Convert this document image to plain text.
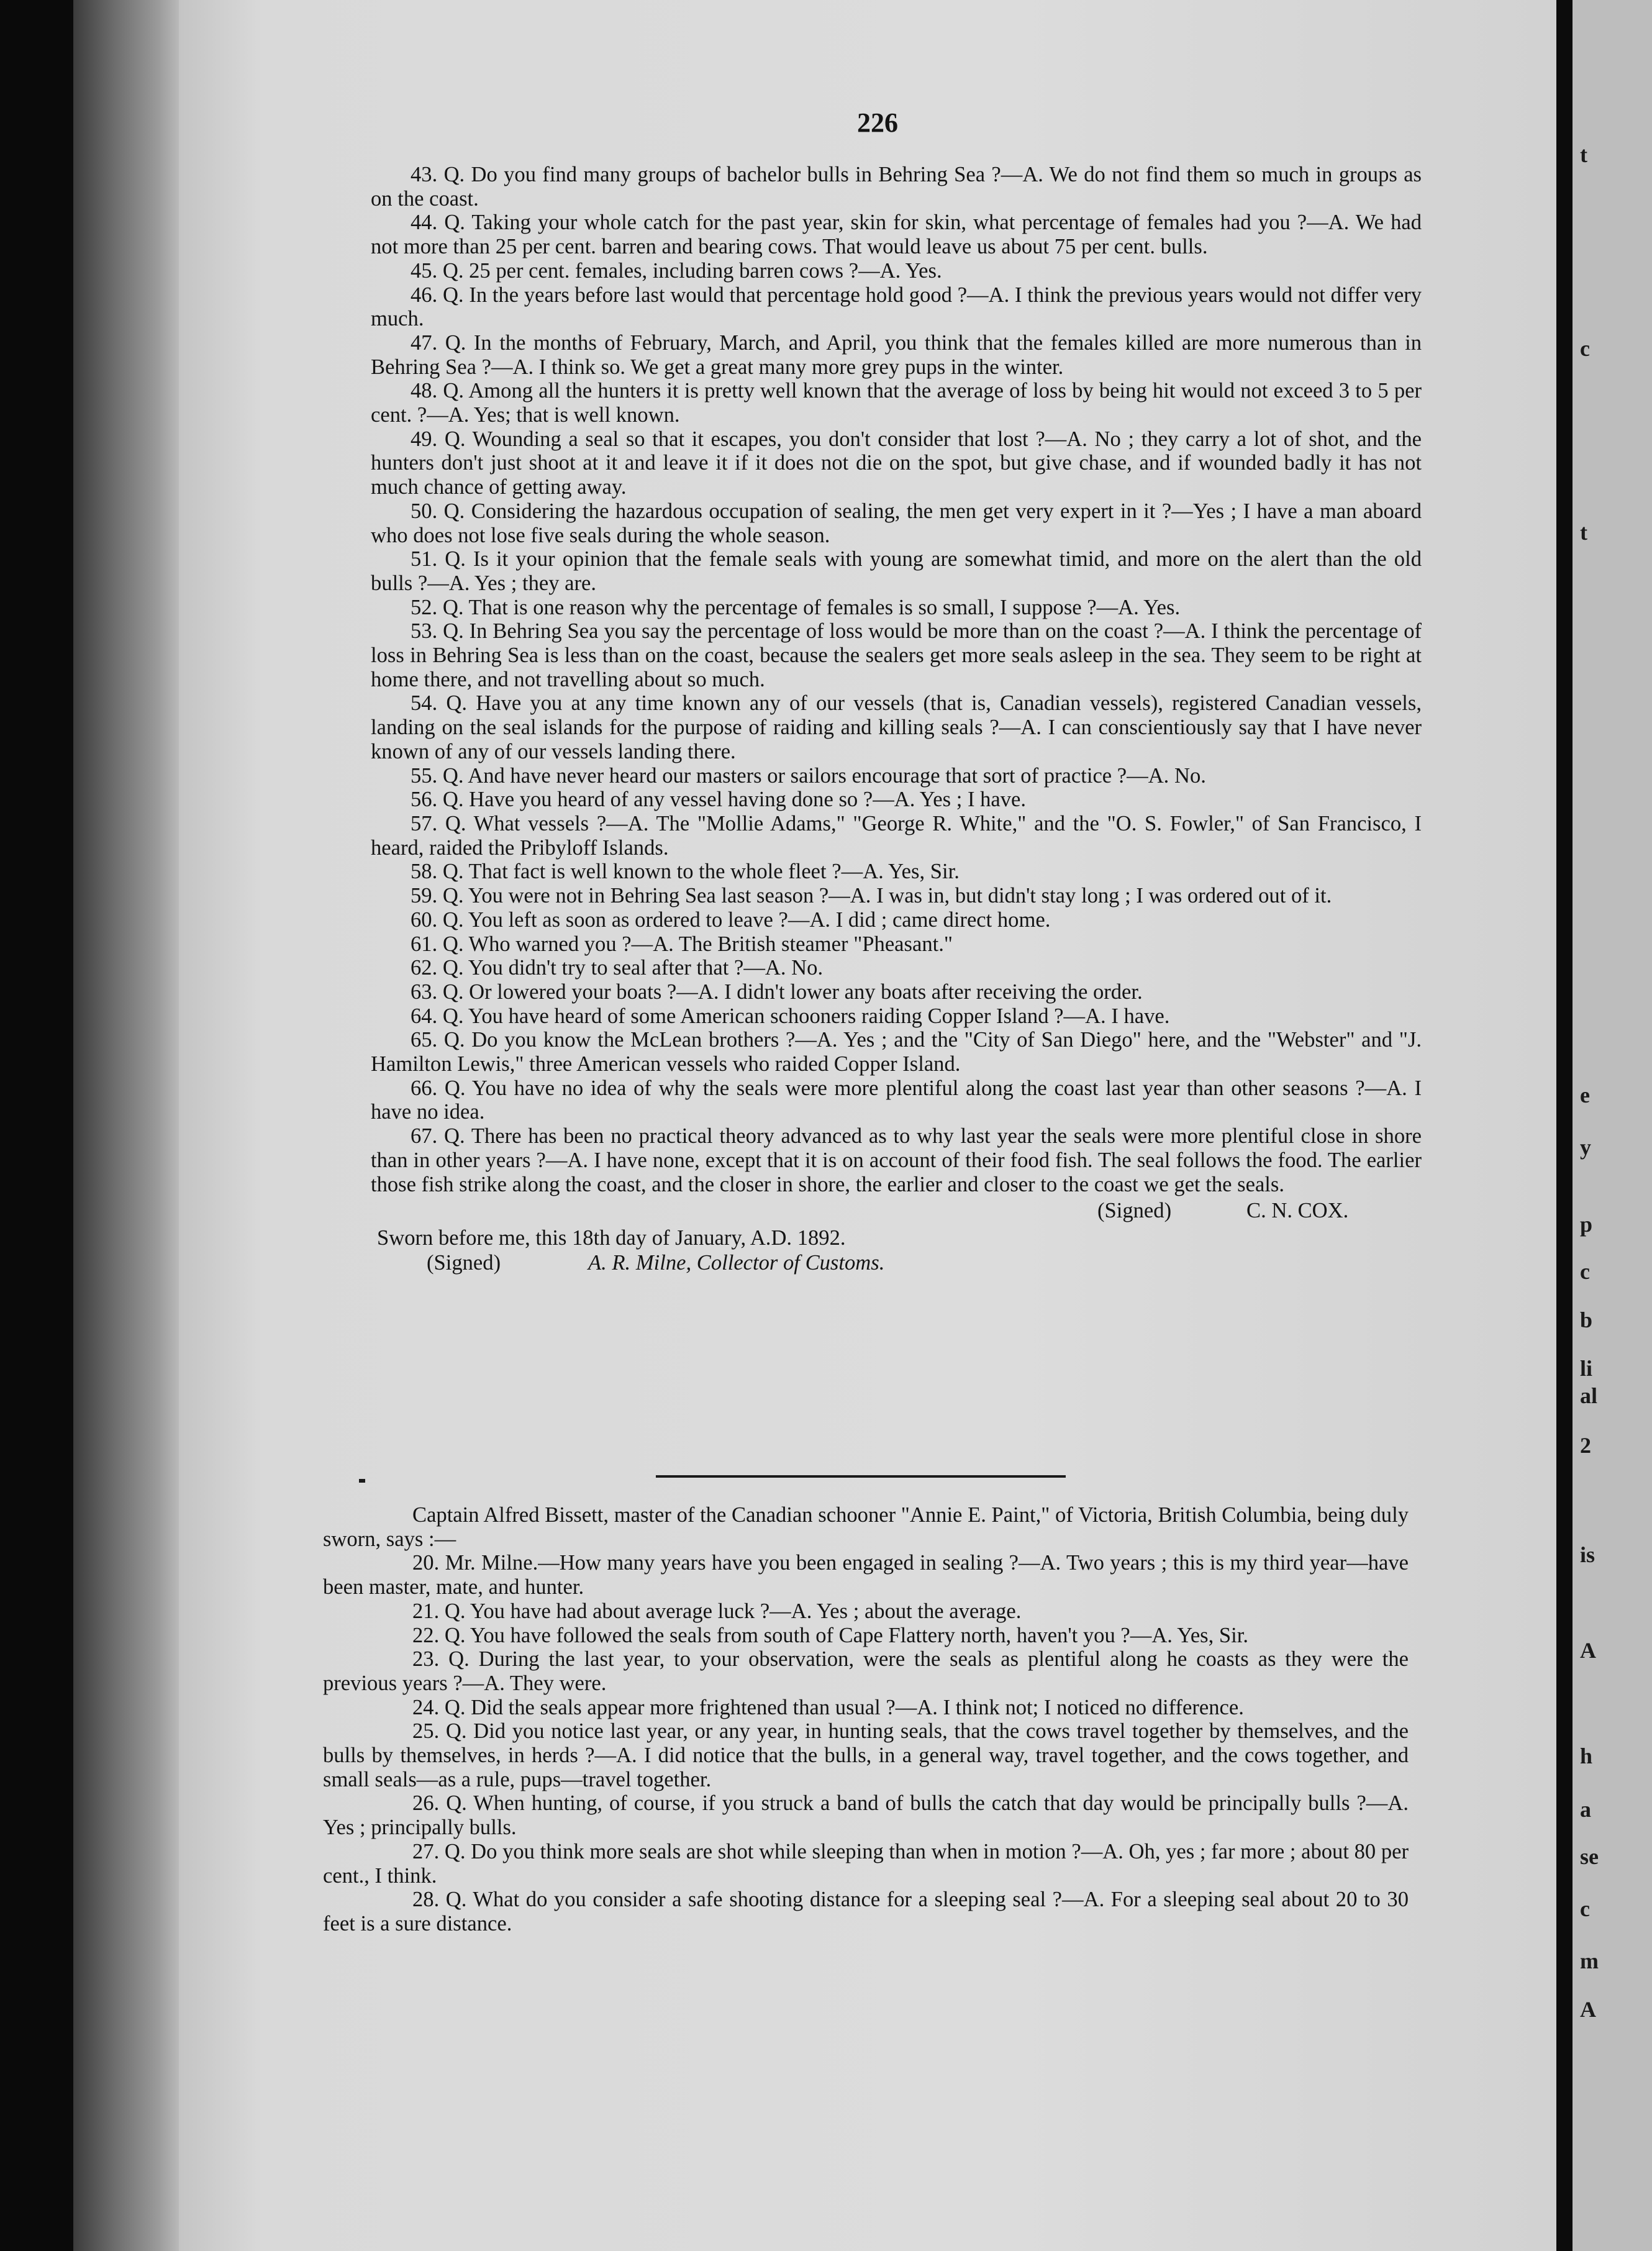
t
c
t
e
y
p
c
b
li
al
2
is
A
h
a
se
c
m
A
226

43. Q. Do you find many groups of bachelor bulls in Behring Sea ?—A. We do not find them so much in groups as on the coast.

44. Q. Taking your whole catch for the past year, skin for skin, what percentage of females had you ?—A. We had not more than 25 per cent. barren and bearing cows. That would leave us about 75 per cent. bulls.

45. Q. 25 per cent. females, including barren cows ?—A. Yes.

46. Q. In the years before last would that percentage hold good ?—A. I think the previous years would not differ very much.

47. Q. In the months of February, March, and April, you think that the females killed are more numerous than in Behring Sea ?—A. I think so. We get a great many more grey pups in the winter.

48. Q. Among all the hunters it is pretty well known that the average of loss by being hit would not exceed 3 to 5 per cent. ?—A. Yes; that is well known.

49. Q. Wounding a seal so that it escapes, you don't consider that lost ?—A. No ; they carry a lot of shot, and the hunters don't just shoot at it and leave it if it does not die on the spot, but give chase, and if wounded badly it has not much chance of getting away.

50. Q. Considering the hazardous occupation of sealing, the men get very expert in it ?—Yes ; I have a man aboard who does not lose five seals during the whole season.

51. Q. Is it your opinion that the female seals with young are somewhat timid, and more on the alert than the old bulls ?—A. Yes ; they are.

52. Q. That is one reason why the percentage of females is so small, I suppose ?—A. Yes.

53. Q. In Behring Sea you say the percentage of loss would be more than on the coast ?—A. I think the percentage of loss in Behring Sea is less than on the coast, because the sealers get more seals asleep in the sea. They seem to be right at home there, and not travelling about so much.

54. Q. Have you at any time known any of our vessels (that is, Canadian vessels), registered Canadian vessels, landing on the seal islands for the purpose of raiding and killing seals ?—A. I can conscientiously say that I have never known of any of our vessels landing there.

55. Q. And have never heard our masters or sailors encourage that sort of practice ?—A. No.

56. Q. Have you heard of any vessel having done so ?—A. Yes ; I have.

57. Q. What vessels ?—A. The "Mollie Adams," "George R. White," and the "O. S. Fowler," of San Francisco, I heard, raided the Pribyloff Islands.

58. Q. That fact is well known to the whole fleet ?—A. Yes, Sir.

59. Q. You were not in Behring Sea last season ?—A. I was in, but didn't stay long ; I was ordered out of it.

60. Q. You left as soon as ordered to leave ?—A. I did ; came direct home.

61. Q. Who warned you ?—A. The British steamer "Pheasant."

62. Q. You didn't try to seal after that ?—A. No.

63. Q. Or lowered your boats ?—A. I didn't lower any boats after receiving the order.

64. Q. You have heard of some American schooners raiding Copper Island ?—A. I have.

65. Q. Do you know the McLean brothers ?—A. Yes ; and the "City of San Diego" here, and the "Webster" and "J. Hamilton Lewis," three American vessels who raided Copper Island.

66. Q. You have no idea of why the seals were more plentiful along the coast last year than other seasons ?—A. I have no idea.

67. Q. There has been no practical theory advanced as to why last year the seals were more plentiful close in shore than in other years ?—A. I have none, except that it is on account of their food fish. The seal follows the food. The earlier those fish strike along the coast, and the closer in shore, the earlier and closer to the coast we get the seals.

(Signed)	C. N. COX.
Sworn before me, this 18th day of January, A.D. 1892.
(Signed)	A. R. Milne, Collector of Customs.

Captain Alfred Bissett, master of the Canadian schooner "Annie E. Paint," of Victoria, British Columbia, being duly sworn, says :—

20. Mr. Milne.—How many years have you been engaged in sealing ?—A. Two years ; this is my third year—have been master, mate, and hunter.

21. Q. You have had about average luck ?—A. Yes ; about the average.

22. Q. You have followed the seals from south of Cape Flattery north, haven't you ?—A. Yes, Sir.

23. Q. During the last year, to your observation, were the seals as plentiful along he coasts as they were the previous years ?—A. They were.

24. Q. Did the seals appear more frightened than usual ?—A. I think not; I noticed no difference.

25. Q. Did you notice last year, or any year, in hunting seals, that the cows travel together by themselves, and the bulls by themselves, in herds ?—A. I did notice that the bulls, in a general way, travel together, and the cows together, and small seals—as a rule, pups—travel together.

26. Q. When hunting, of course, if you struck a band of bulls the catch that day would be principally bulls ?—A. Yes ; principally bulls.

27. Q. Do you think more seals are shot while sleeping than when in motion ?—A. Oh, yes ; far more ; about 80 per cent., I think.

28. Q. What do you consider a safe shooting distance for a sleeping seal ?—A. For a sleeping seal about 20 to 30 feet is a sure distance.
